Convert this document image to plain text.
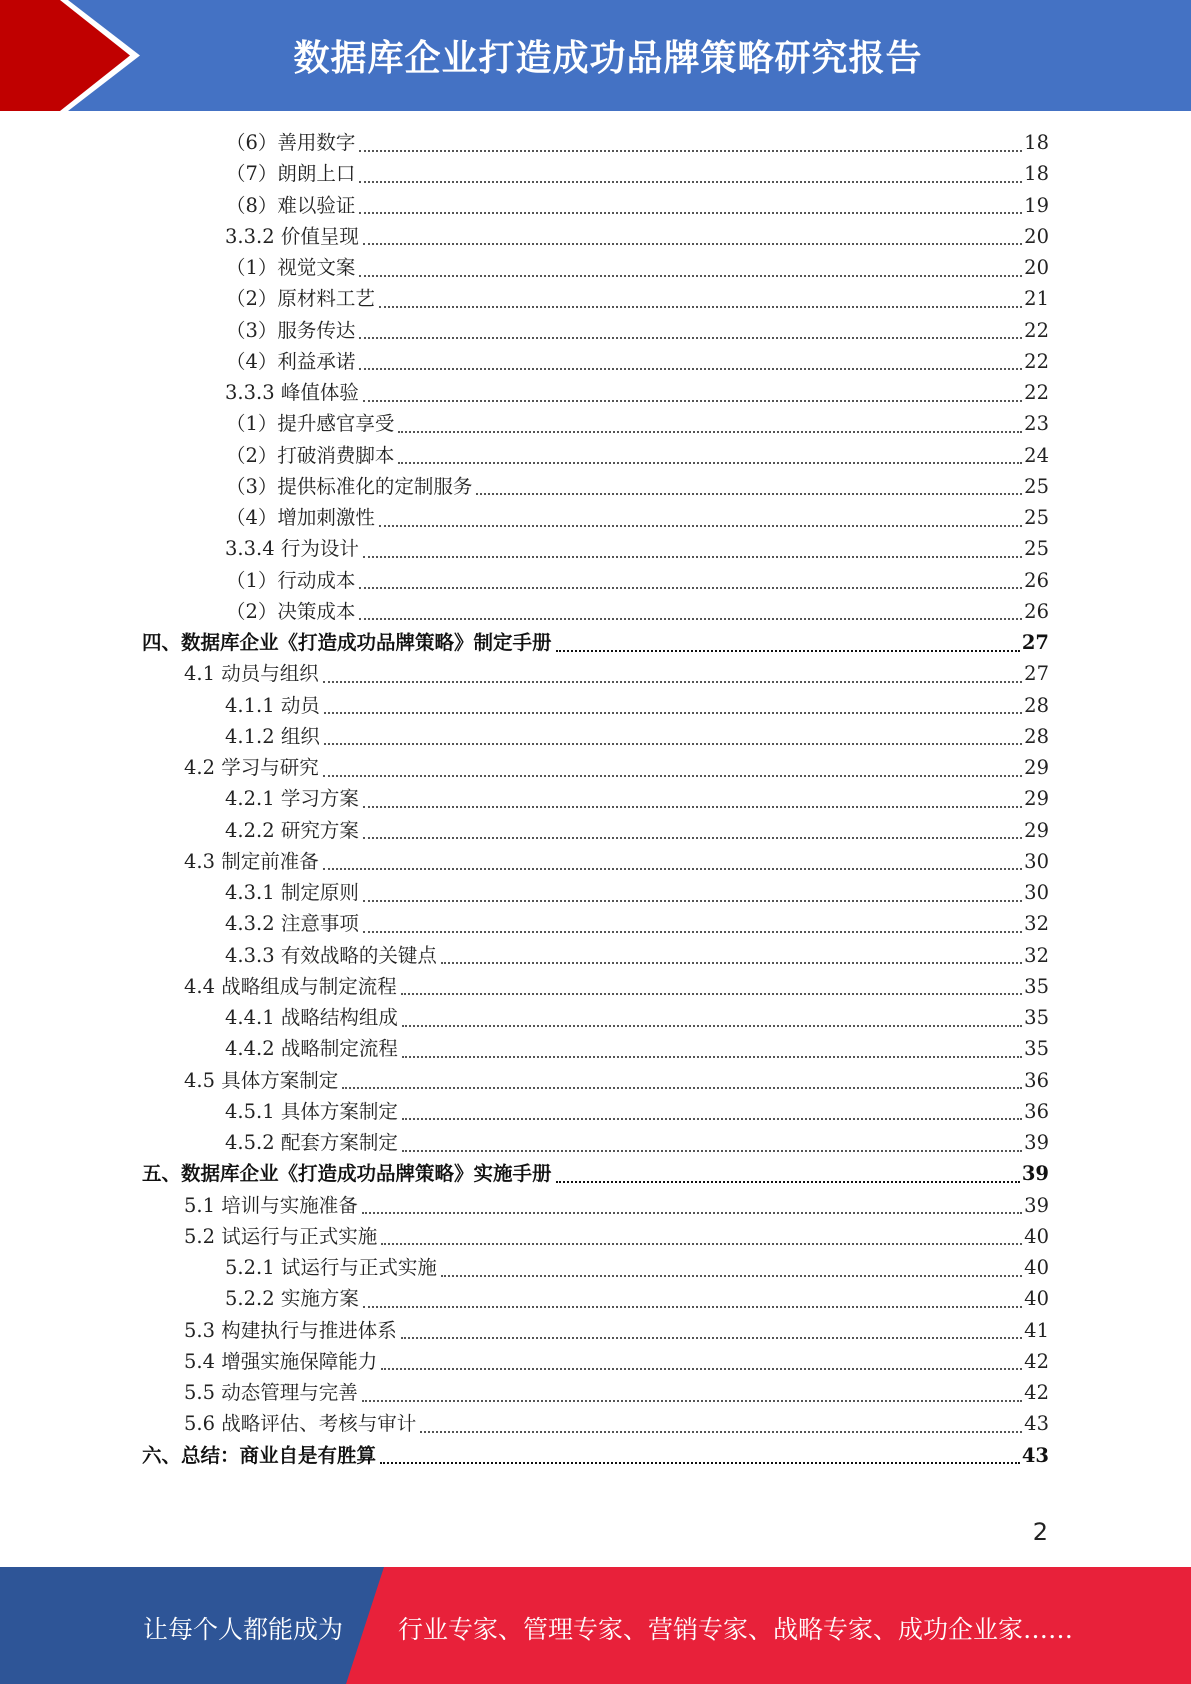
数据库企业打造成功品牌策略研究报告
（6）善用数字	18
（7）朗朗上口	18
（8）难以验证	19
3.3.2 价值呈现	20
（1）视觉文案	20
（2）原材料工艺	21
（3）服务传达	22
（4）利益承诺	22
3.3.3 峰值体验	22
（1）提升感官享受	23
（2）打破消费脚本	24
（3）提供标准化的定制服务	25
（4）增加刺激性	25
3.3.4 行为设计	25
（1）行动成本	26
（2）决策成本	26
四、数据库企业《打造成功品牌策略》制定手册	27
4.1 动员与组织	27
4.1.1 动员	28
4.1.2 组织	28
4.2 学习与研究	29
4.2.1 学习方案	29
4.2.2 研究方案	29
4.3 制定前准备	30
4.3.1 制定原则	30
4.3.2 注意事项	32
4.3.3 有效战略的关键点	32
4.4 战略组成与制定流程	35
4.4.1 战略结构组成	35
4.4.2 战略制定流程	35
4.5 具体方案制定	36
4.5.1 具体方案制定	36
4.5.2 配套方案制定	39
五、数据库企业《打造成功品牌策略》实施手册	39
5.1 培训与实施准备	39
5.2 试运行与正式实施	40
5.2.1 试运行与正式实施	40
5.2.2 实施方案	40
5.3 构建执行与推进体系	41
5.4 增强实施保障能力	42
5.5 动态管理与完善	42
5.6 战略评估、考核与审计	43
六、总结：商业自是有胜算	43
2
让每个人都能成为 行业专家、管理专家、营销专家、战略专家、成功企业家……
